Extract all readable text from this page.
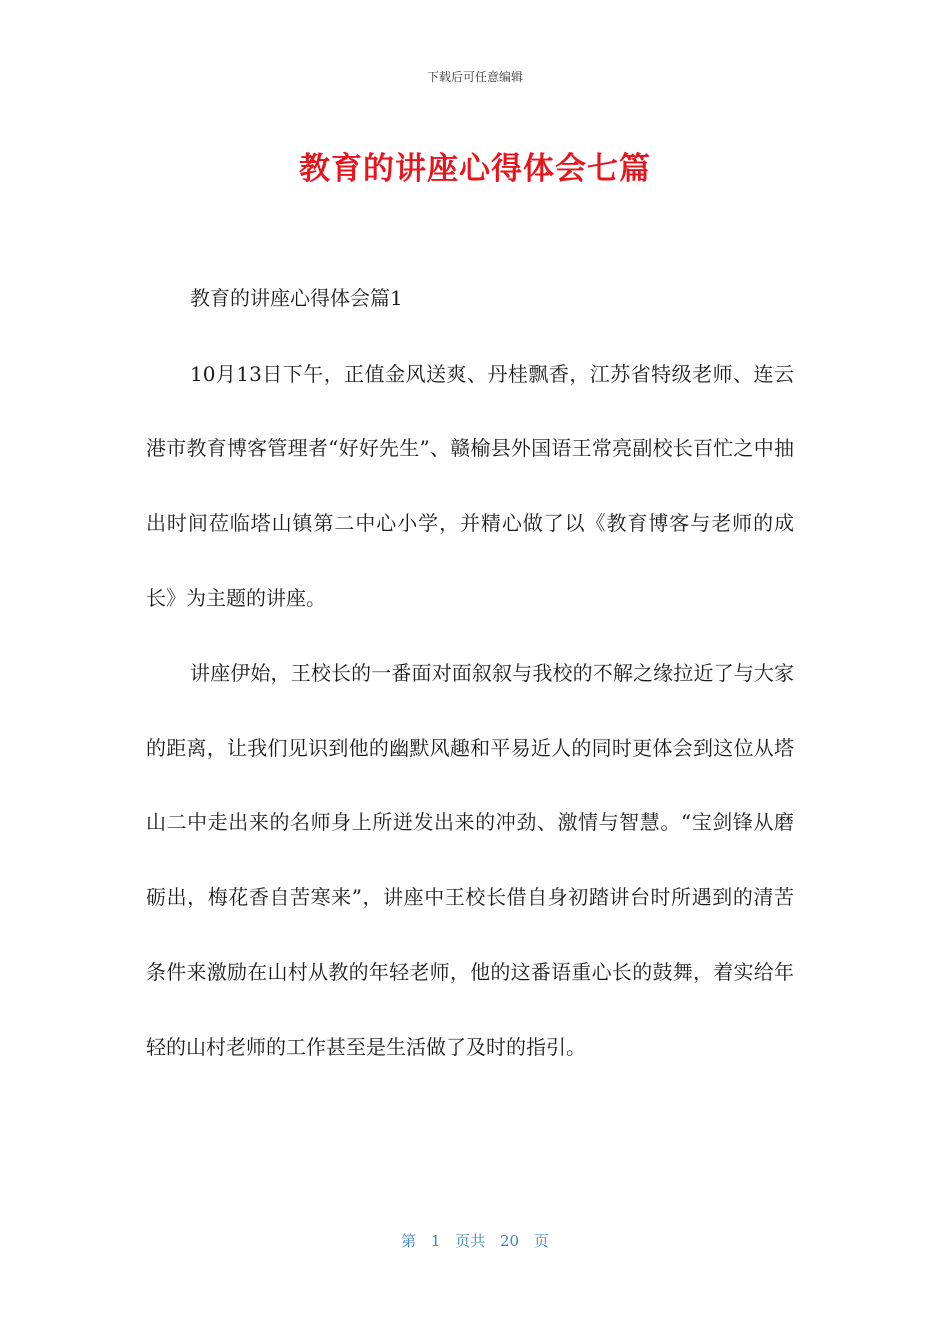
下载后可任意编辑
教育的讲座心得体会七篇

教育的讲座心得体会篇1

10月13日下午，正值金风送爽、丹桂飘香，江苏省特级老师、连云港市教育博客管理者“好好先生”、赣榆县外国语王常亮副校长百忙之中抽出时间莅临塔山镇第二中心小学，并精心做了以《教育博客与老师的成长》为主题的讲座。

讲座伊始，王校长的一番面对面叙叙与我校的不解之缘拉近了与大家的距离，让我们见识到他的幽默风趣和平易近人的同时更体会到这位从塔山二中走出来的名师身上所迸发出来的冲劲、激情与智慧。“宝剑锋从磨砺出，梅花香自苦寒来”，讲座中王校长借自身初踏讲台时所遇到的清苦条件来激励在山村从教的年轻老师，他的这番语重心长的鼓舞，着实给年轻的山村老师的工作甚至是生活做了及时的指引。

第 1 页共 20 页
